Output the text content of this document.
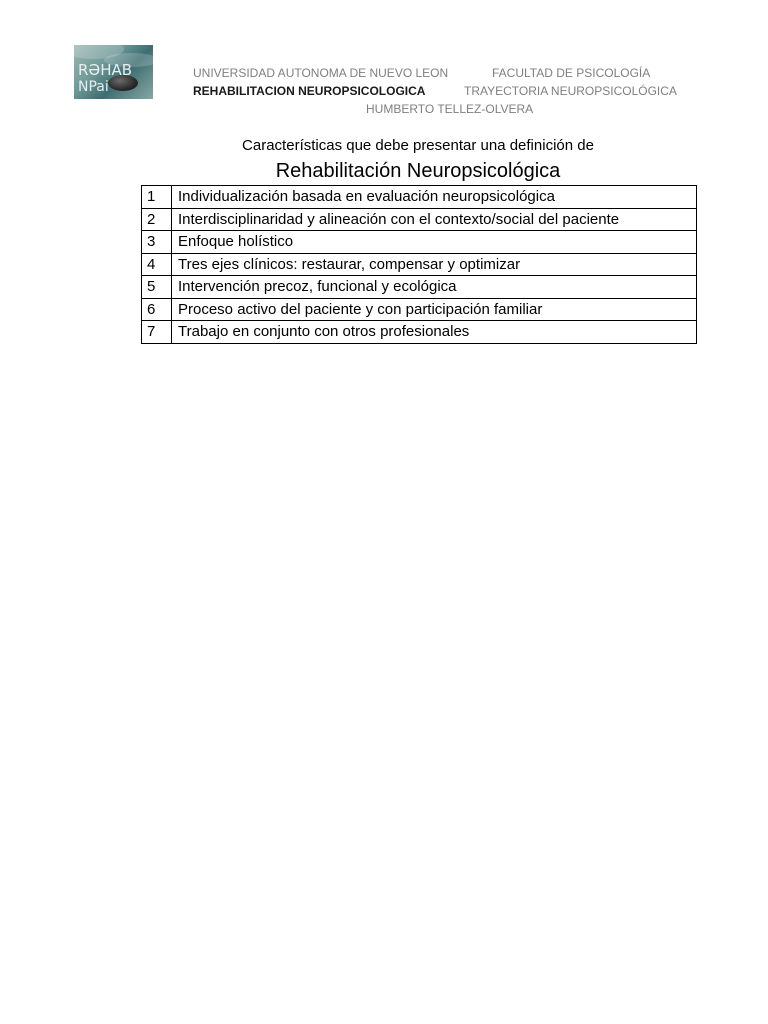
RƏHAB
NPai
UNIVERSIDAD AUTONOMA DE NUEVO LEON	FACULTAD DE PSICOLOGÍA
REHABILITACION NEUROPSICOLOGICA	TRAYECTORIA NEUROPSICOLÓGICA
HUMBERTO TELLEZ-OLVERA
Características que debe presentar una definición de
Rehabilitación Neuropsicológica
1	Individualización basada en evaluación neuropsicológica
2	Interdisciplinaridad y alineación con el contexto/social del paciente
3	Enfoque holístico
4	Tres ejes clínicos: restaurar, compensar y optimizar
5	Intervención precoz, funcional y ecológica
6	Proceso activo del paciente y con participación familiar
7	Trabajo en conjunto con otros profesionales
